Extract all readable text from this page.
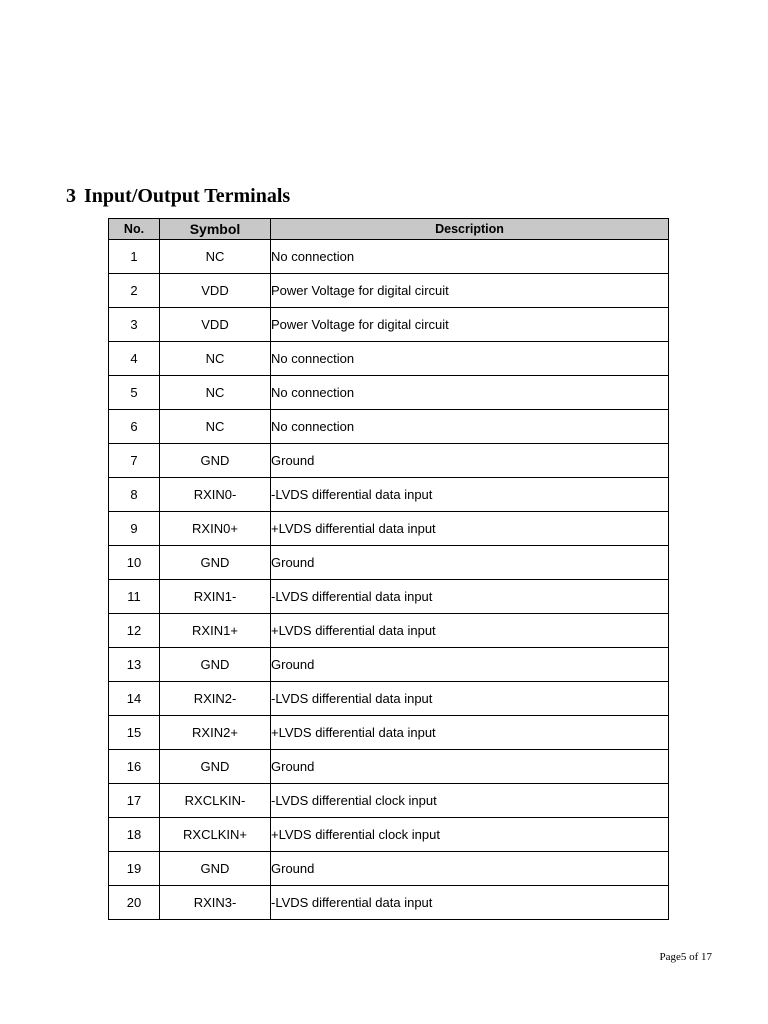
3 Input/Output Terminals
No.	Symbol	Description
1	NC	No connection
2	VDD	Power Voltage for digital circuit
3	VDD	Power Voltage for digital circuit
4	NC	No connection
5	NC	No connection
6	NC	No connection
7	GND	Ground
8	RXIN0-	-LVDS differential data input
9	RXIN0+	+LVDS differential data input
10	GND	Ground
11	RXIN1-	-LVDS differential data input
12	RXIN1+	+LVDS differential data input
13	GND	Ground
14	RXIN2-	-LVDS differential data input
15	RXIN2+	+LVDS differential data input
16	GND	Ground
17	RXCLKIN-	-LVDS differential clock input
18	RXCLKIN+	+LVDS differential clock input
19	GND	Ground
20	RXIN3-	-LVDS differential data input
Page5 of 17
